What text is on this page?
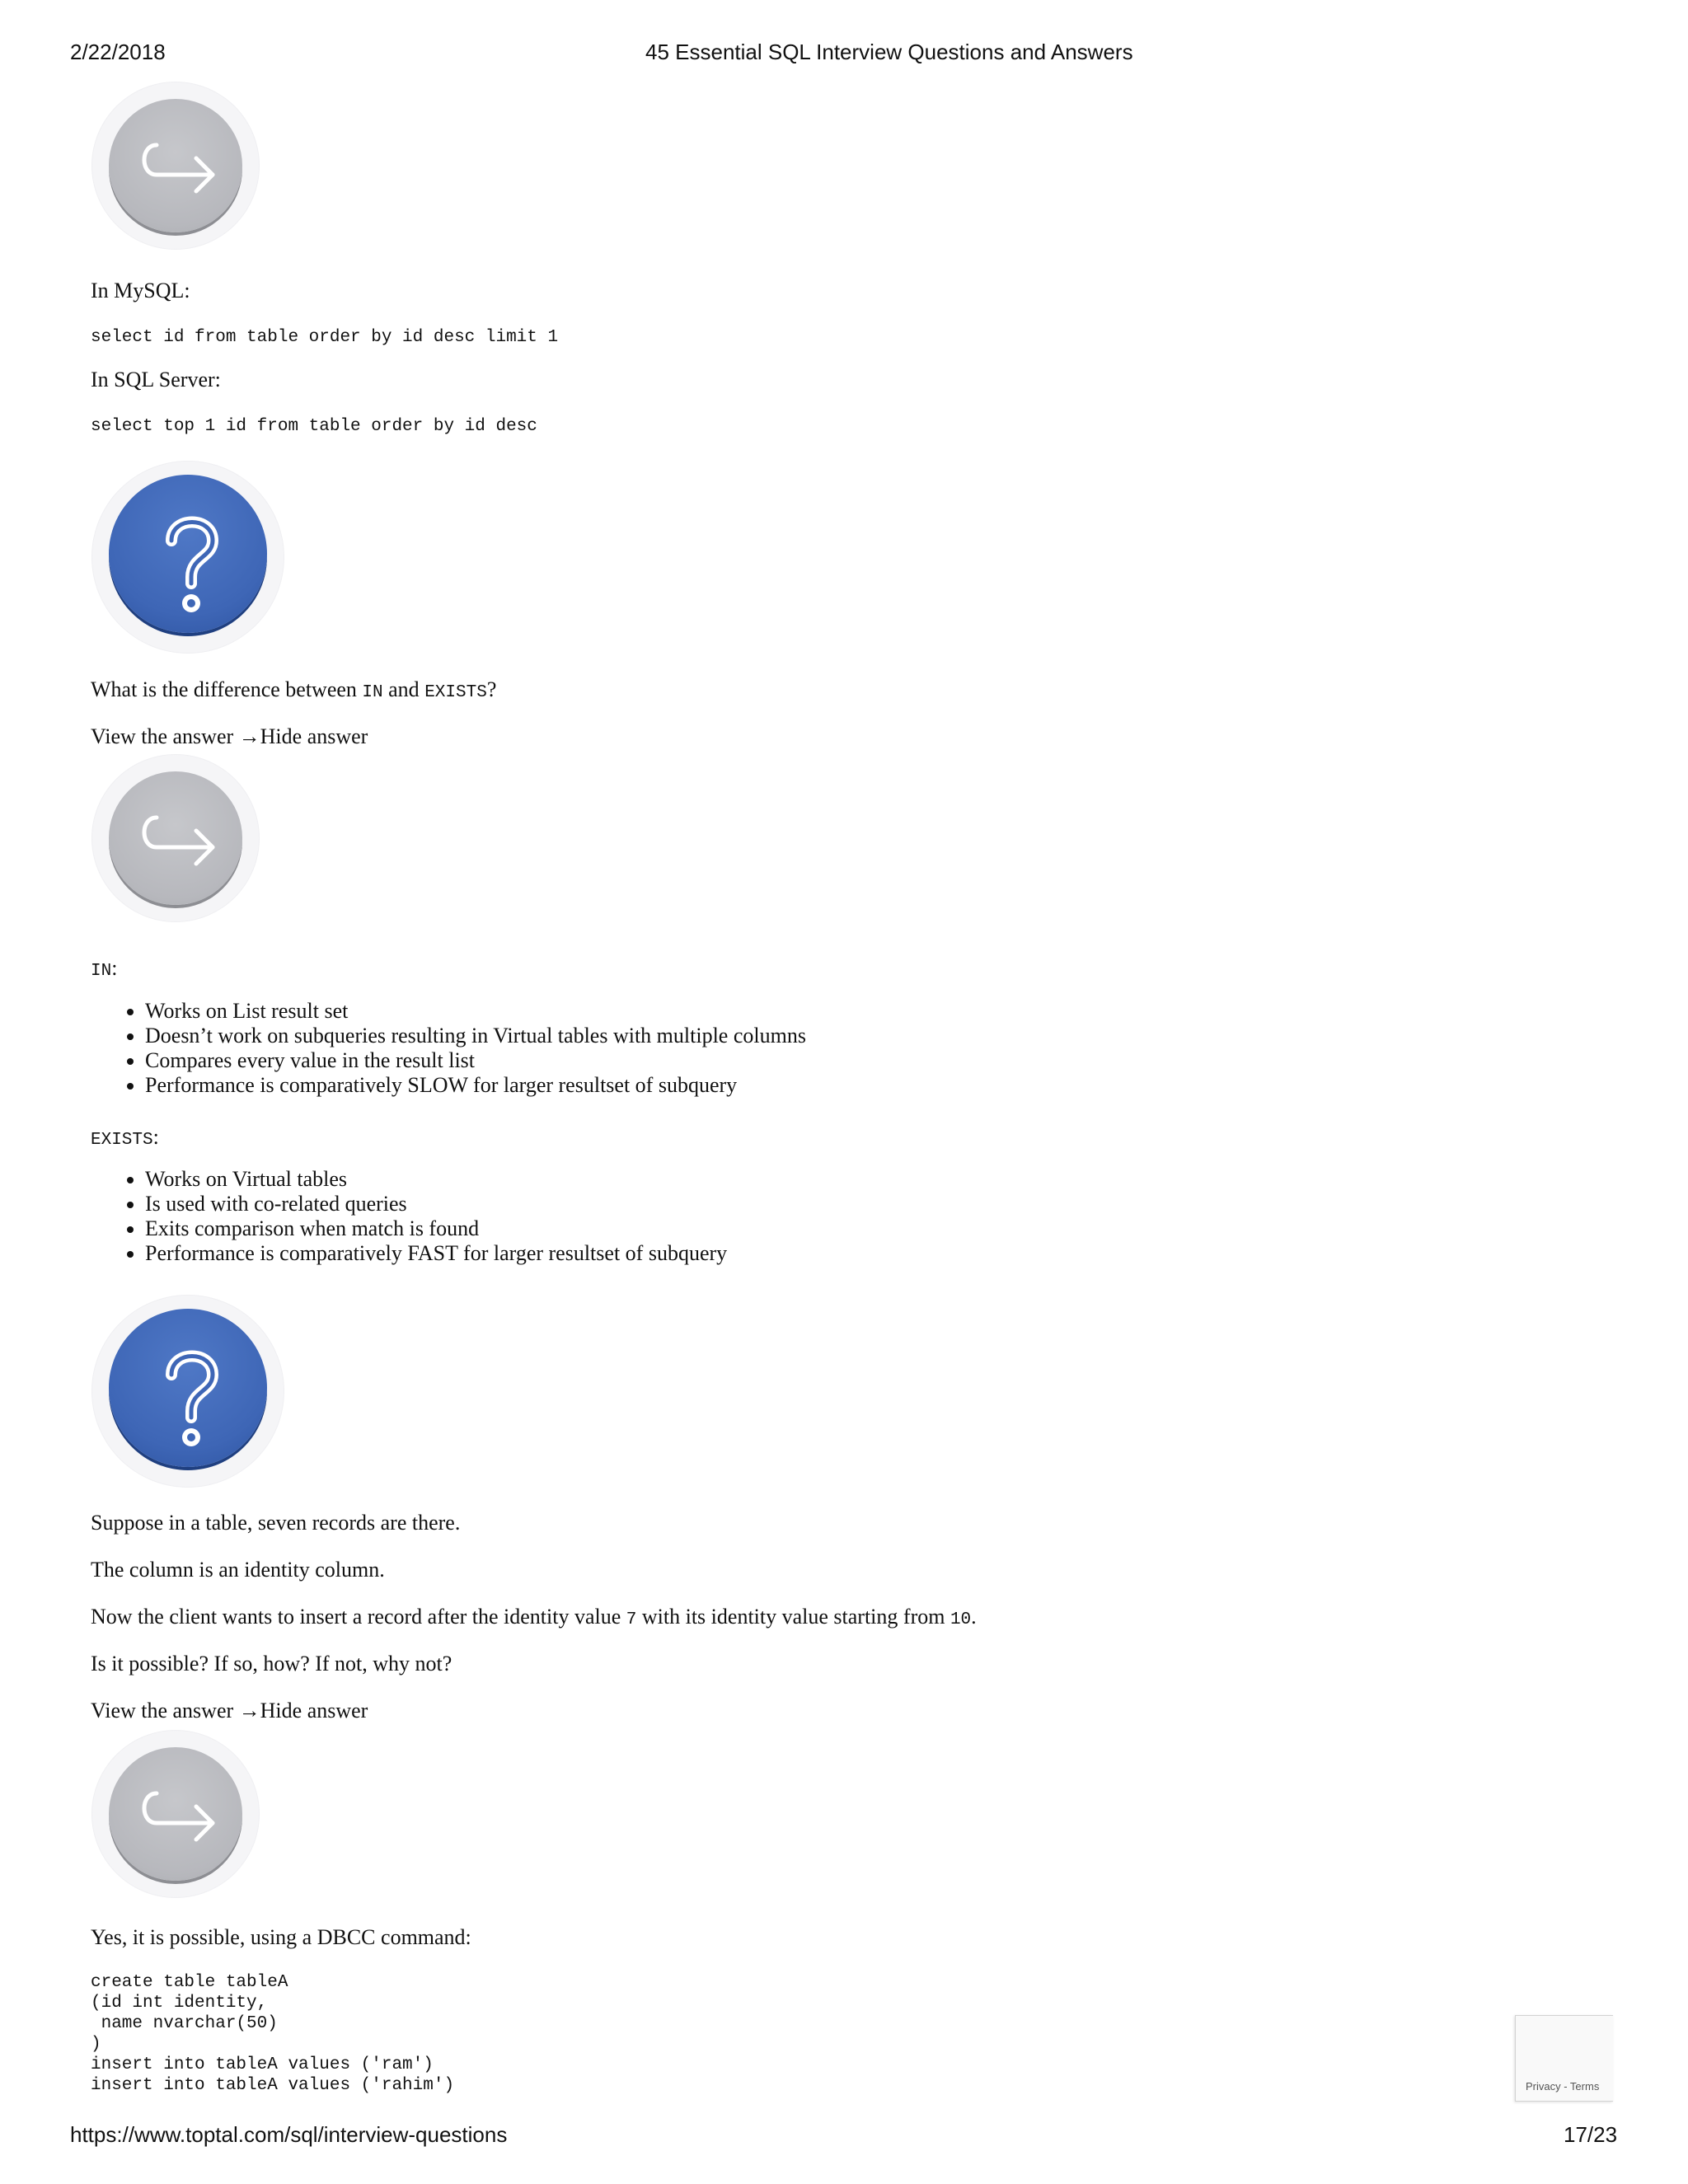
2/22/2018	45 Essential SQL Interview Questions and Answers
In MySQL:
select id from table order by id desc limit 1
In SQL Server:
select top 1 id from table order by id desc
What is the difference between IN and EXISTS?
View the answer →Hide answer
IN:
• Works on List result set
• Doesn’t work on subqueries resulting in Virtual tables with multiple columns
• Compares every value in the result list
• Performance is comparatively SLOW for larger resultset of subquery
EXISTS:
• Works on Virtual tables
• Is used with co-related queries
• Exits comparison when match is found
• Performance is comparatively FAST for larger resultset of subquery
Suppose in a table, seven records are there.
The column is an identity column.
Now the client wants to insert a record after the identity value 7 with its identity value starting from 10.
Is it possible? If so, how? If not, why not?
View the answer →Hide answer
Yes, it is possible, using a DBCC command:
create table tableA
(id int identity,
name nvarchar(50)
)
insert into tableA values ('ram')
insert into tableA values ('rahim')	Privacy - Terms
https://www.toptal.com/sql/interview-questions	17/23
